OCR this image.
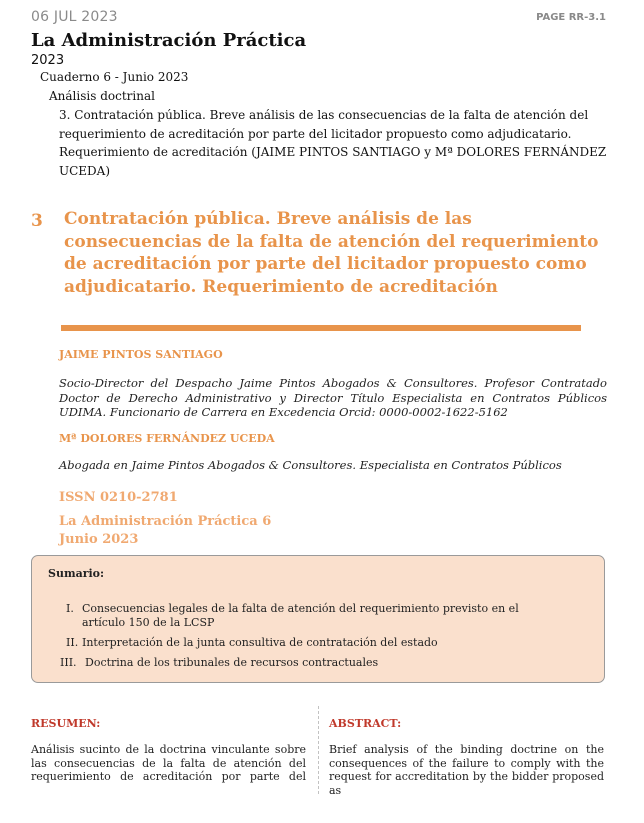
06 JUL 2023	PAGE RR-3.1
La Administración Práctica
2023
Cuaderno 6 - Junio 2023
Análisis doctrinal
3. Contratación pública. Breve análisis de las consecuencias de la falta de atención del requerimiento de acreditación por parte del licitador propuesto como adjudicatario. Requerimiento de acreditación (JAIME PINTOS SANTIAGO y Mª DOLORES FERNÁNDEZ UCEDA)
3 Contratación pública. Breve análisis de las consecuencias de la falta de atención del requerimiento de acreditación por parte del licitador propuesto como adjudicatario. Requerimiento de acreditación
JAIME PINTOS SANTIAGO
Socio-Director del Despacho Jaime Pintos Abogados & Consultores. Profesor Contratado Doctor de Derecho Administrativo y Director Título Especialista en Contratos Públicos UDIMA. Funcionario de Carrera en Excedencia Orcid: 0000-0002-1622-5162
Mª DOLORES FERNÁNDEZ UCEDA
Abogada en Jaime Pintos Abogados & Consultores. Especialista en Contratos Públicos
ISSN 0210-2781
La Administración Práctica 6
Junio 2023
Sumario:
I. Consecuencias legales de la falta de atención del requerimiento previsto en el artículo 150 de la LCSP
II. Interpretación de la junta consultiva de contratación del estado
III. Doctrina de los tribunales de recursos contractuales
RESUMEN:	ABSTRACT:
Análisis sucinto de la doctrina vinculante sobre las consecuencias de la falta de atención del requerimiento de acreditación por parte del
Brief analysis of the binding doctrine on the consequences of the failure to comply with the request for accreditation by the bidder proposed as
